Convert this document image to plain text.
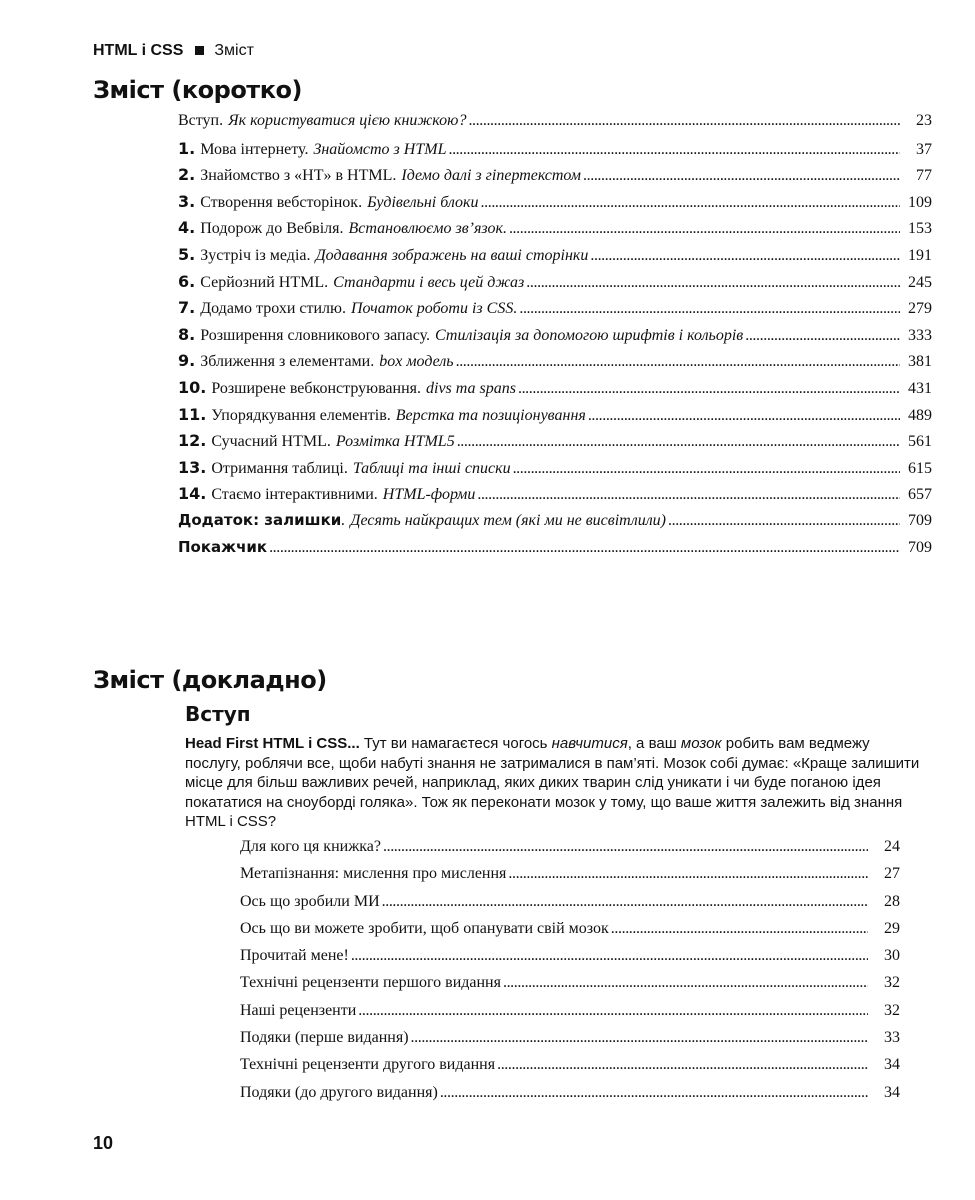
HTML і CSS Зміст
Зміст (коротко)
Вступ. Як користуватися цією книжкою? . . .	23
1. Мова інтернету. Знайомсто з HTML . . .	37
2. Знайомство з «HT» в HTML. Ідемо далі з гіпертекстом . . .	77
3. Створення вебсторінок. Будівельні блоки . . .	109
4. Подорож до Вебвіля. Встановлюємо зв’язок. . . .	153
5. Зустріч із медіа. Додавання зображень на ваші сторінки . . .	191
6. Серйозний HTML. Стандарти і весь цей джаз . . .	245
7. Додамо трохи стилю. Початок роботи із CSS. . . .	279
8. Розширення словникового запасу. Стилізація за допомогою шрифтів і кольорів . . .	333
9. Зближення з елементами. box модель . . .	381
10. Розширене вебконструювання. divs та spans . . .	431
11. Упорядкування елементів. Верстка та позиціонування . . .	489
12. Сучасний HTML. Розмітка HTML5 . . .	561
13. Отримання таблиці. Таблиці та інші списки . . .	615
14. Стаємо інтерактивними. HTML-форми . . .	657
Додаток: залишки . Десять найкращих тем (які ми не висвітлили) . . .	709
Покажчик . . .	709
Зміст (докладно)
Вступ
Head First HTML і CSS... Тут ви намагаєтеся чогось навчитися, а ваш мозок робить вам ведмежу послугу, роблячи все, щоби набуті знання не затрималися в пам’яті. Мозок собі думає: «Краще залишити місце для більш важливих речей, наприклад, яких диких тварин слід уникати і чи буде поганою ідея покататися на сноуборді голяка». Тож як переконати мозок у тому, що ваше життя залежить від знання HTML і CSS?
Для кого ця книжка? . . .	24
Метапізнання: мислення про мислення . . .	27
Ось що зробили МИ . . .	28
Ось що ви можете зробити, щоб опанувати свій мозок . . .	29
Прочитай мене! . . .	30
Технічні рецензенти першого видання . . .	32
Наші рецензенти . . .	32
Подяки (перше видання) . . .	33
Технічні рецензенти другого видання . . .	34
Подяки (до другого видання) . . .	34
10
